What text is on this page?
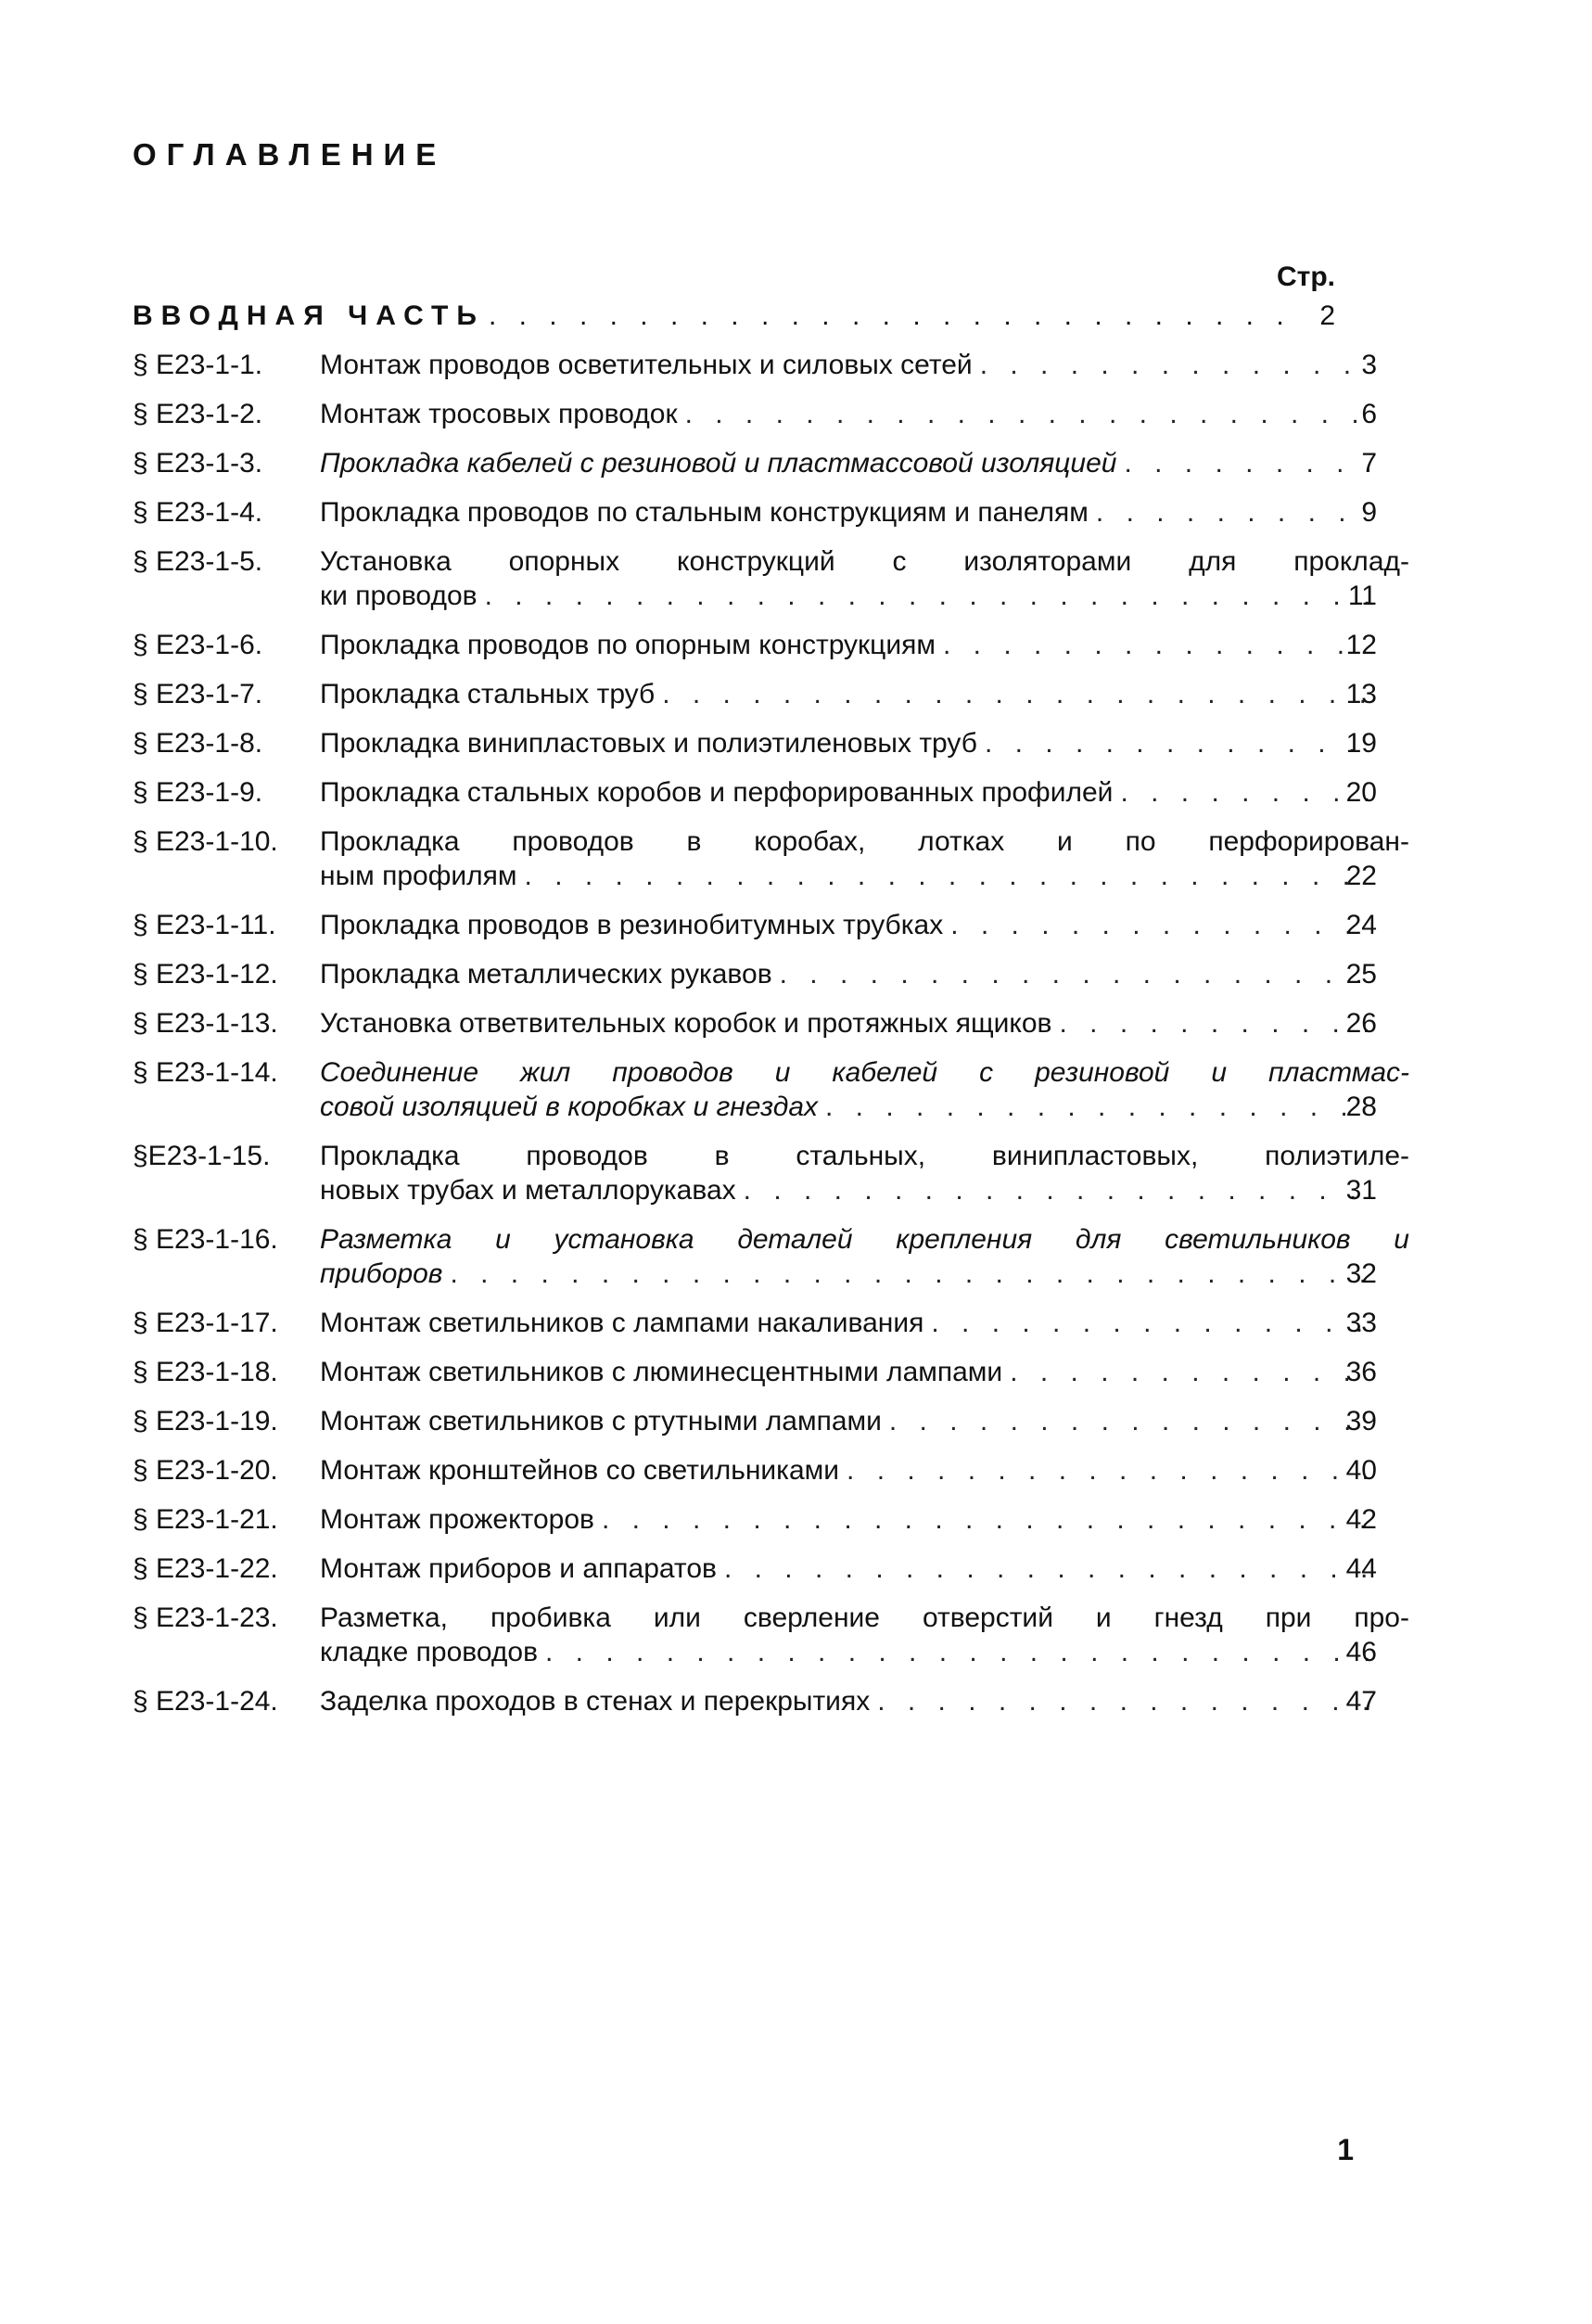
ОГЛАВЛЕНИЕ
Стр.
ВВОДНАЯ ЧАСТЬ . . .	2
§ Е23-1-1. Монтаж проводов осветительных и силовых сетей . . .	3
§ Е23-1-2. Монтаж тросовых проводок . . .	6
§ Е23-1-3. Прокладка кабелей с резиновой и пластмассовой изоляцией . . .	7
§ Е23-1-4. Прокладка проводов по стальным конструкциям и панелям . . .	9
§ Е23-1-5. Установка опорных конструкций с изоляторами для проклад-
ки проводов . . .	11
§ Е23-1-6. Прокладка проводов по опорным конструкциям . . .	12
§ Е23-1-7. Прокладка стальных труб . . .	13
§ Е23-1-8. Прокладка винипластовых и полиэтиленовых труб . . .	19
§ Е23-1-9. Прокладка стальных коробов и перфорированных профилей . . .	20
§ Е23-1-10. Прокладка проводов в коробах, лотках и по перфорирован-
ным профилям . . .	22
§ Е23-1-11. Прокладка проводов в резинобитумных трубках . . .	24
§ Е23-1-12. Прокладка металлических рукавов . . .	25
§ Е23-1-13. Установка ответвительных коробок и протяжных ящиков . . .	26
§ Е23-1-14. Соединение жил проводов и кабелей с резиновой и пластмас-
совой изоляцией в коробках и гнездах . . .	28
§Е23-1-15. Прокладка проводов в стальных, винипластовых, полиэтиле-
новых трубах и металлорукавах . . .	31
§ Е23-1-16. Разметка и установка деталей крепления для светильников и
приборов . . .	32
§ Е23-1-17. Монтаж светильников с лампами накаливания . . .	33
§ Е23-1-18. Монтаж светильников с люминесцентными лампами . . .	36
§ Е23-1-19. Монтаж светильников с ртутными лампами . . .	39
§ Е23-1-20. Монтаж кронштейнов со светильниками . . .	40
§ Е23-1-21. Монтаж прожекторов . . .	42
§ Е23-1-22. Монтаж приборов и аппаратов . . .	44
§ Е23-1-23. Разметка, пробивка или сверление отверстий и гнезд при про-
кладке проводов . . .	46
§ Е23-1-24. Заделка проходов в стенах и перекрытиях . . .	47
1
